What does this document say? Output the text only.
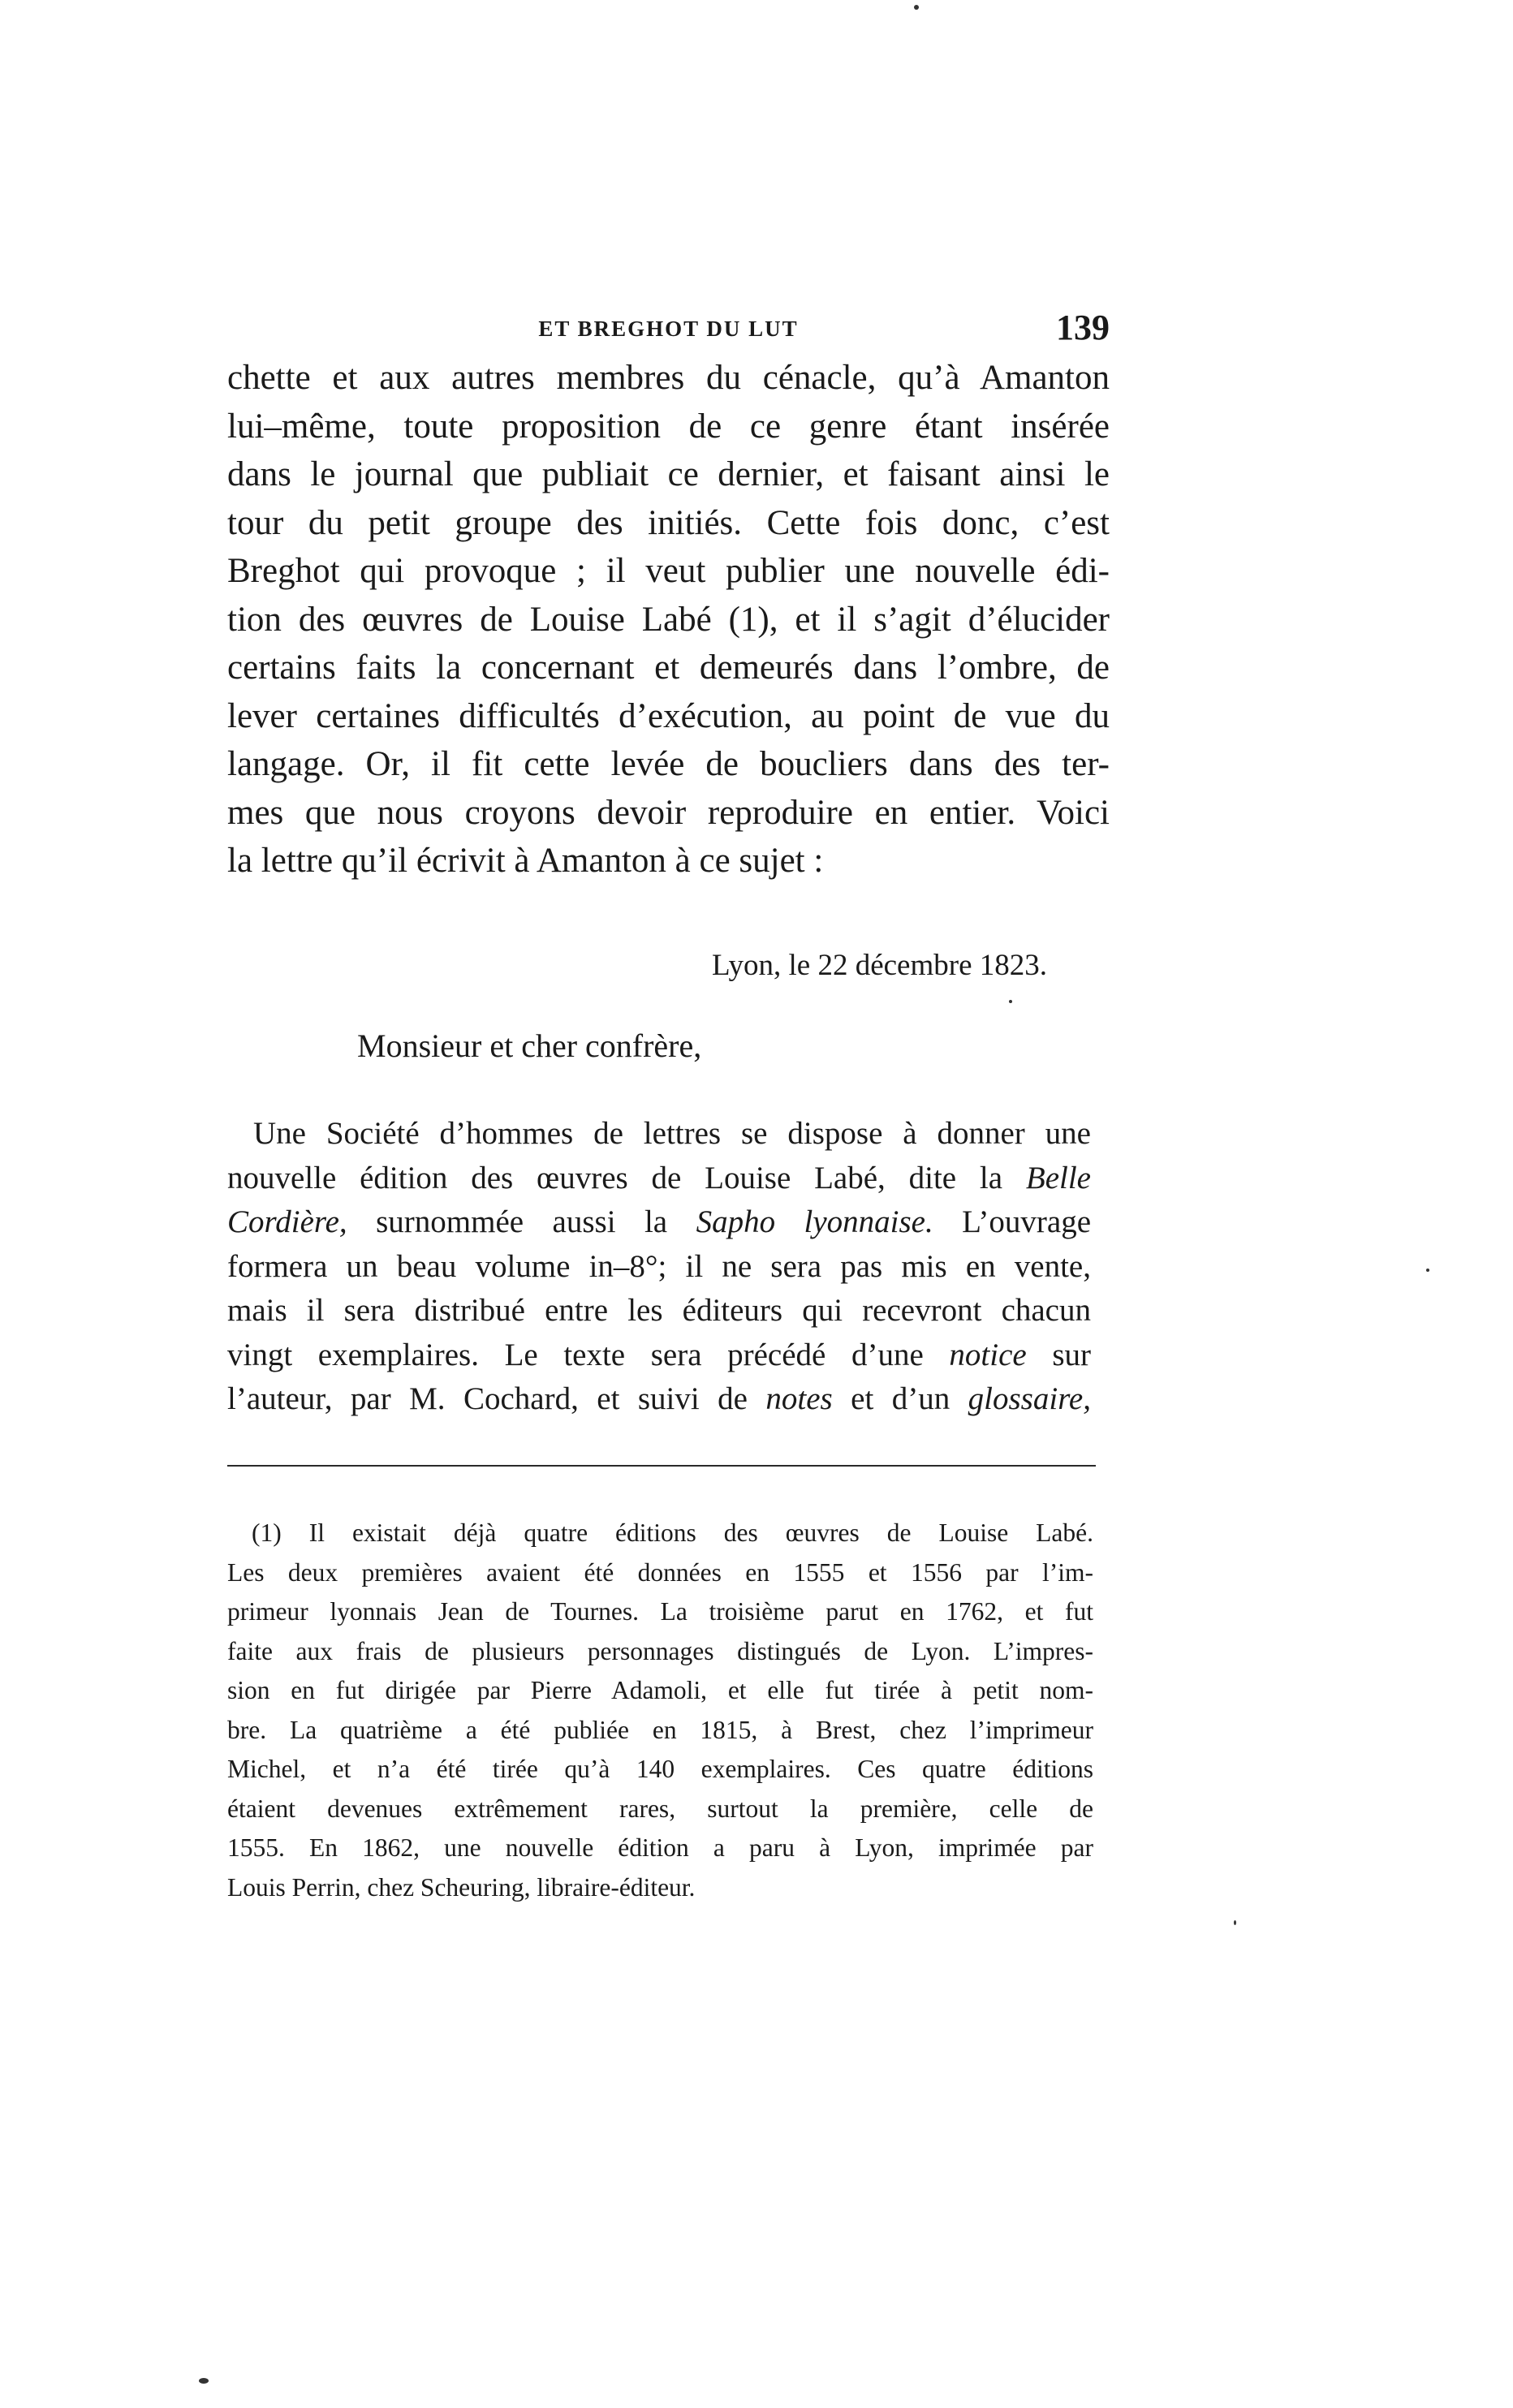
ET BREGHOT DU LUT	139
chette et aux autres membres du cénacle, qu’à Amanton
lui–même, toute proposition de ce genre étant insérée
dans le journal que publiait ce dernier, et faisant ainsi le
tour du petit groupe des initiés. Cette fois donc, c’est
Breghot qui provoque ; il veut publier une nouvelle édi-
tion des œuvres de Louise Labé (1), et il s’agit d’élucider
certains faits la concernant et demeurés dans l’ombre, de
lever certaines difficultés d’exécution, au point de vue du
langage. Or, il fit cette levée de boucliers dans des ter-
mes que nous croyons devoir reproduire en entier. Voici
la lettre qu’il écrivit à Amanton à ce sujet :
Lyon, le 22 décembre 1823.
Monsieur et cher confrère,
Une Société d’hommes de lettres se dispose à donner une
nouvelle édition des œuvres de Louise Labé, dite la Belle
Cordière, surnommée aussi la Sapho lyonnaise. L’ouvrage
formera un beau volume in–8°; il ne sera pas mis en vente,
mais il sera distribué entre les éditeurs qui recevront chacun
vingt exemplaires. Le texte sera précédé d’une notice sur
l’auteur, par M. Cochard, et suivi de notes et d’un glossaire,
(1) Il existait déjà quatre éditions des œuvres de Louise Labé.
Les deux premières avaient été données en 1555 et 1556 par l’im-
primeur lyonnais Jean de Tournes. La troisième parut en 1762, et fut
faite aux frais de plusieurs personnages distingués de Lyon. L’impres-
sion en fut dirigée par Pierre Adamoli, et elle fut tirée à petit nom-
bre. La quatrième a été publiée en 1815, à Brest, chez l’imprimeur
Michel, et n’a été tirée qu’à 140 exemplaires. Ces quatre éditions
étaient devenues extrêmement rares, surtout la première, celle de
1555. En 1862, une nouvelle édition a paru à Lyon, imprimée par
Louis Perrin, chez Scheuring, libraire-éditeur.
